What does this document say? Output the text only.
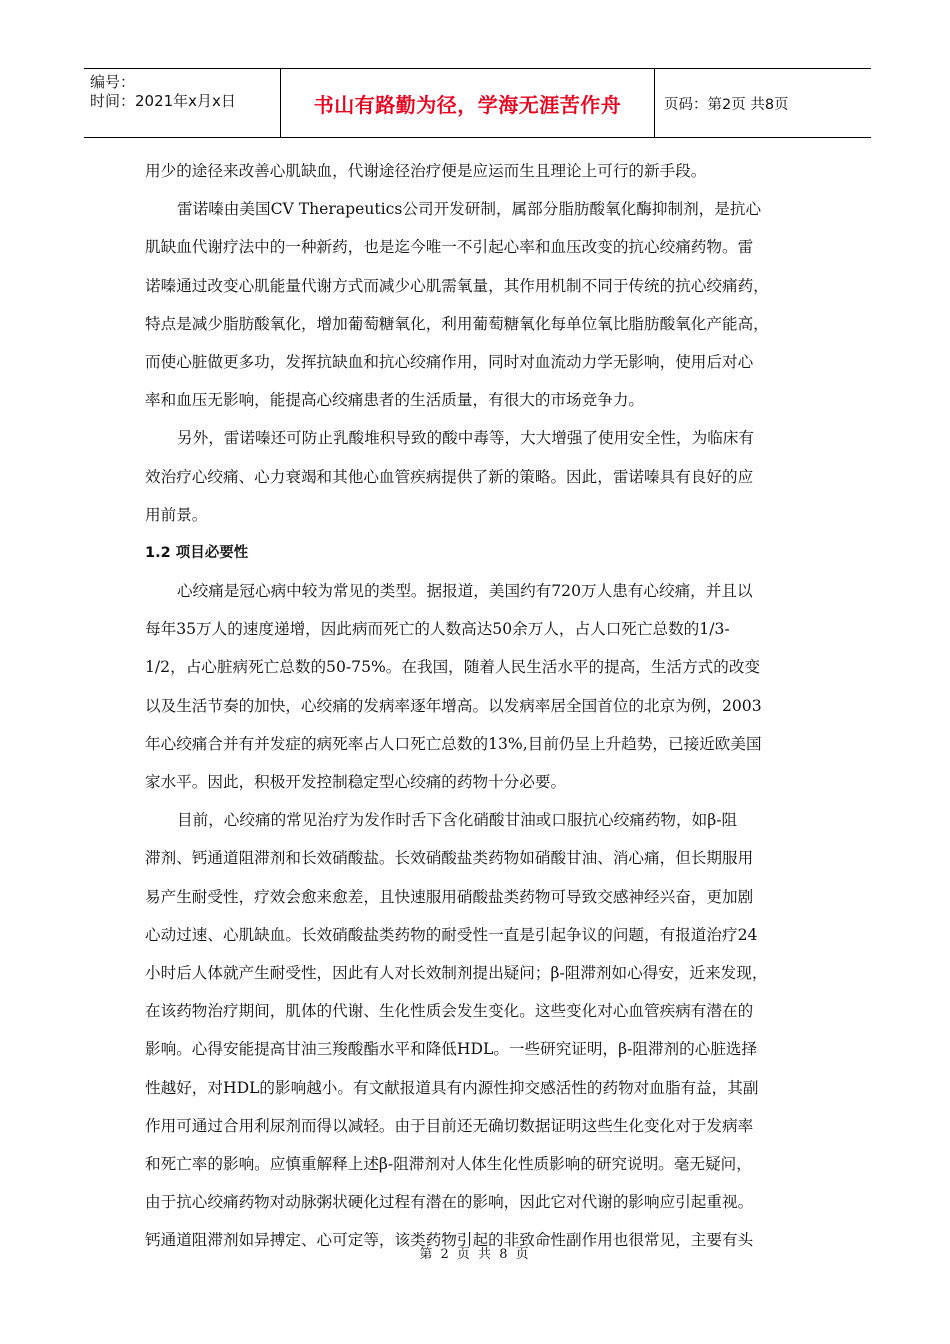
编号：
时间：2021年x月x日	书山有路勤为径，学海无涯苦作舟	页码：第2页 共8页
用少的途径来改善心肌缺血，代谢途径治疗便是应运而生且理论上可行的新手段。
雷诺嗪由美国CV Therapeutics公司开发研制，属部分脂肪酸氧化酶抑制剂，是抗心
肌缺血代谢疗法中的一种新药，也是迄今唯一不引起心率和血压改变的抗心绞痛药物。雷
诺嗪通过改变心肌能量代谢方式而减少心肌需氧量，其作用机制不同于传统的抗心绞痛药，
特点是减少脂肪酸氧化，增加葡萄糖氧化，利用葡萄糖氧化每单位氧比脂肪酸氧化产能高，
而使心脏做更多功，发挥抗缺血和抗心绞痛作用，同时对血流动力学无影响，使用后对心
率和血压无影响，能提高心绞痛患者的生活质量，有很大的市场竞争力。
另外，雷诺嗪还可防止乳酸堆积导致的酸中毒等，大大增强了使用安全性，为临床有
效治疗心绞痛、心力衰竭和其他心血管疾病提供了新的策略。因此，雷诺嗪具有良好的应
用前景。
1.2 项目必要性
心绞痛是冠心病中较为常见的类型。据报道，美国约有720万人患有心绞痛，并且以
每年35万人的速度递增，因此病而死亡的人数高达50余万人，占人口死亡总数的1/3-
1/2，占心脏病死亡总数的50-75%。在我国，随着人民生活水平的提高，生活方式的改变
以及生活节奏的加快，心绞痛的发病率逐年增高。以发病率居全国首位的北京为例，2003
年心绞痛合并有并发症的病死率占人口死亡总数的13%,目前仍呈上升趋势，已接近欧美国
家水平。因此，积极开发控制稳定型心绞痛的药物十分必要。
目前，心绞痛的常见治疗为发作时舌下含化硝酸甘油或口服抗心绞痛药物，如β-阻
滞剂、钙通道阻滞剂和长效硝酸盐。长效硝酸盐类药物如硝酸甘油、消心痛，但长期服用
易产生耐受性，疗效会愈来愈差，且快速服用硝酸盐类药物可导致交感神经兴奋，更加剧
心动过速、心肌缺血。长效硝酸盐类药物的耐受性一直是引起争议的问题，有报道治疗24
小时后人体就产生耐受性，因此有人对长效制剂提出疑问；β-阻滞剂如心得安，近来发现，
在该药物治疗期间，肌体的代谢、生化性质会发生变化。这些变化对心血管疾病有潜在的
影响。心得安能提高甘油三羧酸酯水平和降低HDL。一些研究证明，β-阻滞剂的心脏选择
性越好，对HDL的影响越小。有文献报道具有内源性抑交感活性的药物对血脂有益，其副
作用可通过合用利尿剂而得以减轻。由于目前还无确切数据证明这些生化变化对于发病率
和死亡率的影响。应慎重解释上述β-阻滞剂对人体生化性质影响的研究说明。毫无疑问，
由于抗心绞痛药物对动脉粥状硬化过程有潜在的影响，因此它对代谢的影响应引起重视。
钙通道阻滞剂如异搏定、心可定等，该类药物引起的非致命性副作用也很常见，主要有头
第 2 页 共 8 页
